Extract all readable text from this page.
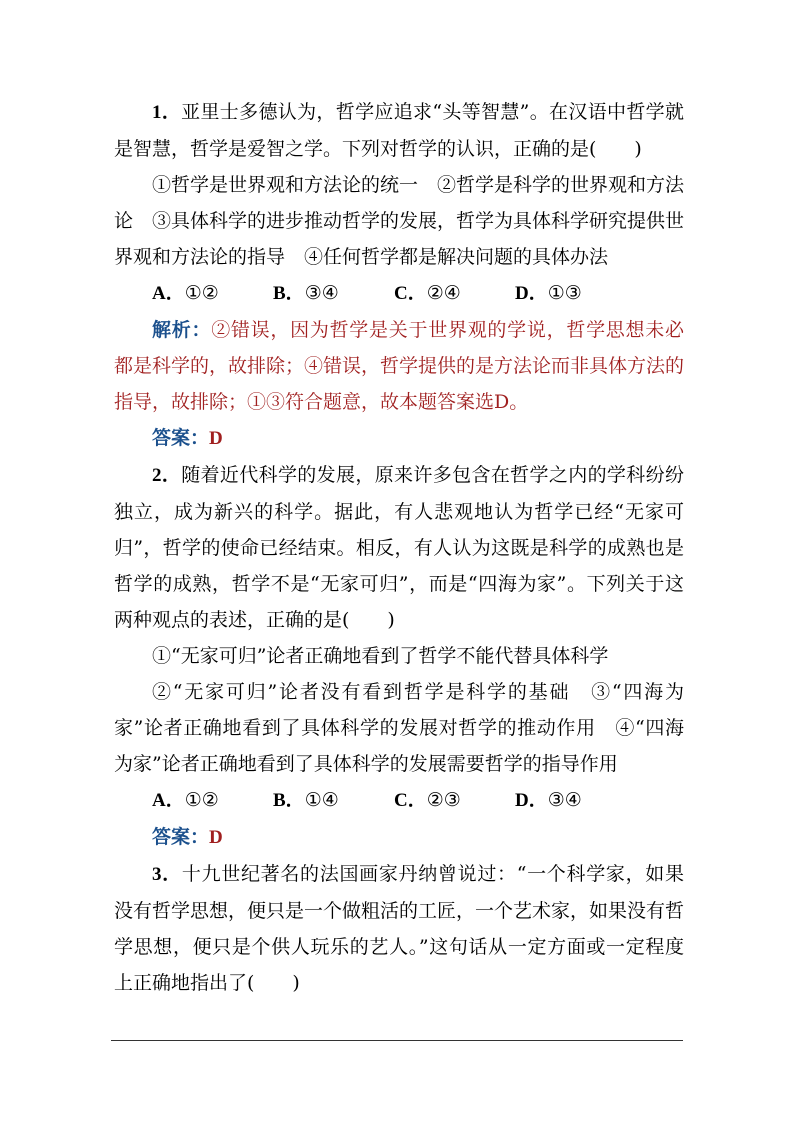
1．亚里士多德认为，哲学应追求“头等智慧”。在汉语中哲学就是智慧，哲学是爱智之学。下列对哲学的认识，正确的是(　　)

①哲学是世界观和方法论的统一　②哲学是科学的世界观和方法论　③具体科学的进步推动哲学的发展，哲学为具体科学研究提供世界观和方法论的指导　④任何哲学都是解决问题的具体办法

A．①②	B．③④	C．②④	D．①③

解析：②错误，因为哲学是关于世界观的学说，哲学思想未必都是科学的，故排除；④错误，哲学提供的是方法论而非具体方法的指导，故排除；①③符合题意，故本题答案选D。

答案：D

2．随着近代科学的发展，原来许多包含在哲学之内的学科纷纷独立，成为新兴的科学。据此，有人悲观地认为哲学已经“无家可归”，哲学的使命已经结束。相反，有人认为这既是科学的成熟也是哲学的成熟，哲学不是“无家可归”，而是“四海为家”。下列关于这两种观点的表述，正确的是(　　)

①“无家可归”论者正确地看到了哲学不能代替具体科学

②“无家可归”论者没有看到哲学是科学的基础　③“四海为家”论者正确地看到了具体科学的发展对哲学的推动作用　④“四海为家”论者正确地看到了具体科学的发展需要哲学的指导作用

A．①②	B．①④	C．②③	D．③④

答案：D

3．十九世纪著名的法国画家丹纳曾说过：“一个科学家，如果没有哲学思想，便只是一个做粗活的工匠，一个艺术家，如果没有哲学思想，便只是个供人玩乐的艺人。”这句话从一定方面或一定程度上正确地指出了(　　)
